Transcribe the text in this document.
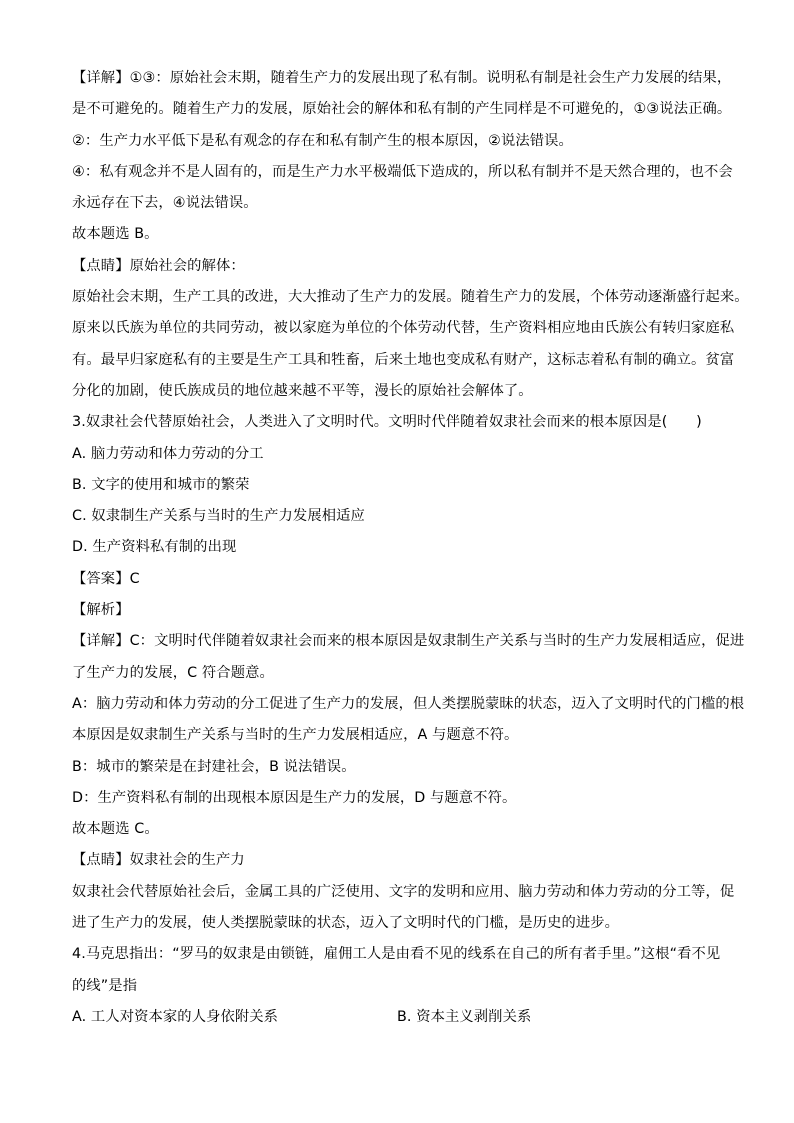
【详解】①③：原始社会末期，随着生产力的发展出现了私有制。说明私有制是社会生产力发展的结果，
是不可避免的。随着生产力的发展，原始社会的解体和私有制的产生同样是不可避免的，①③说法正确。
②：生产力水平低下是私有观念的存在和私有制产生的根本原因，②说法错误。
④：私有观念并不是人固有的，而是生产力水平极端低下造成的，所以私有制并不是天然合理的，也不会
永远存在下去，④说法错误。
故本题选 B。
【点睛】原始社会的解体：
原始社会末期，生产工具的改进，大大推动了生产力的发展。随着生产力的发展，个体劳动逐渐盛行起来。
原来以氏族为单位的共同劳动，被以家庭为单位的个体劳动代替，生产资料相应地由氏族公有转归家庭私
有。最早归家庭私有的主要是生产工具和牲畜，后来土地也变成私有财产，这标志着私有制的确立。贫富
分化的加剧，使氏族成员的地位越来越不平等，漫长的原始社会解体了。
3.奴隶社会代替原始社会，人类进入了文明时代。文明时代伴随着奴隶社会而来的根本原因是(　　)
A. 脑力劳动和体力劳动的分工
B. 文字的使用和城市的繁荣
C. 奴隶制生产关系与当时的生产力发展相适应
D. 生产资料私有制的出现
【答案】C
【解析】
【详解】C：文明时代伴随着奴隶社会而来的根本原因是奴隶制生产关系与当时的生产力发展相适应，促进
了生产力的发展，C 符合题意。
A：脑力劳动和体力劳动的分工促进了生产力的发展，但人类摆脱蒙昧的状态，迈入了文明时代的门槛的根
本原因是奴隶制生产关系与当时的生产力发展相适应，A 与题意不符。
B：城市的繁荣是在封建社会，B 说法错误。
D：生产资料私有制的出现根本原因是生产力的发展，D 与题意不符。
故本题选 C。
【点睛】奴隶社会的生产力
奴隶社会代替原始社会后，金属工具的广泛使用、文字的发明和应用、脑力劳动和体力劳动的分工等，促
进了生产力的发展，使人类摆脱蒙昧的状态，迈入了文明时代的门槛，是历史的进步。
4.马克思指出：“罗马的奴隶是由锁链，雇佣工人是由看不见的线系在自己的所有者手里。”这根“看不见
的线”是指
A. 工人对资本家的人身依附关系	B. 资本主义剥削关系
